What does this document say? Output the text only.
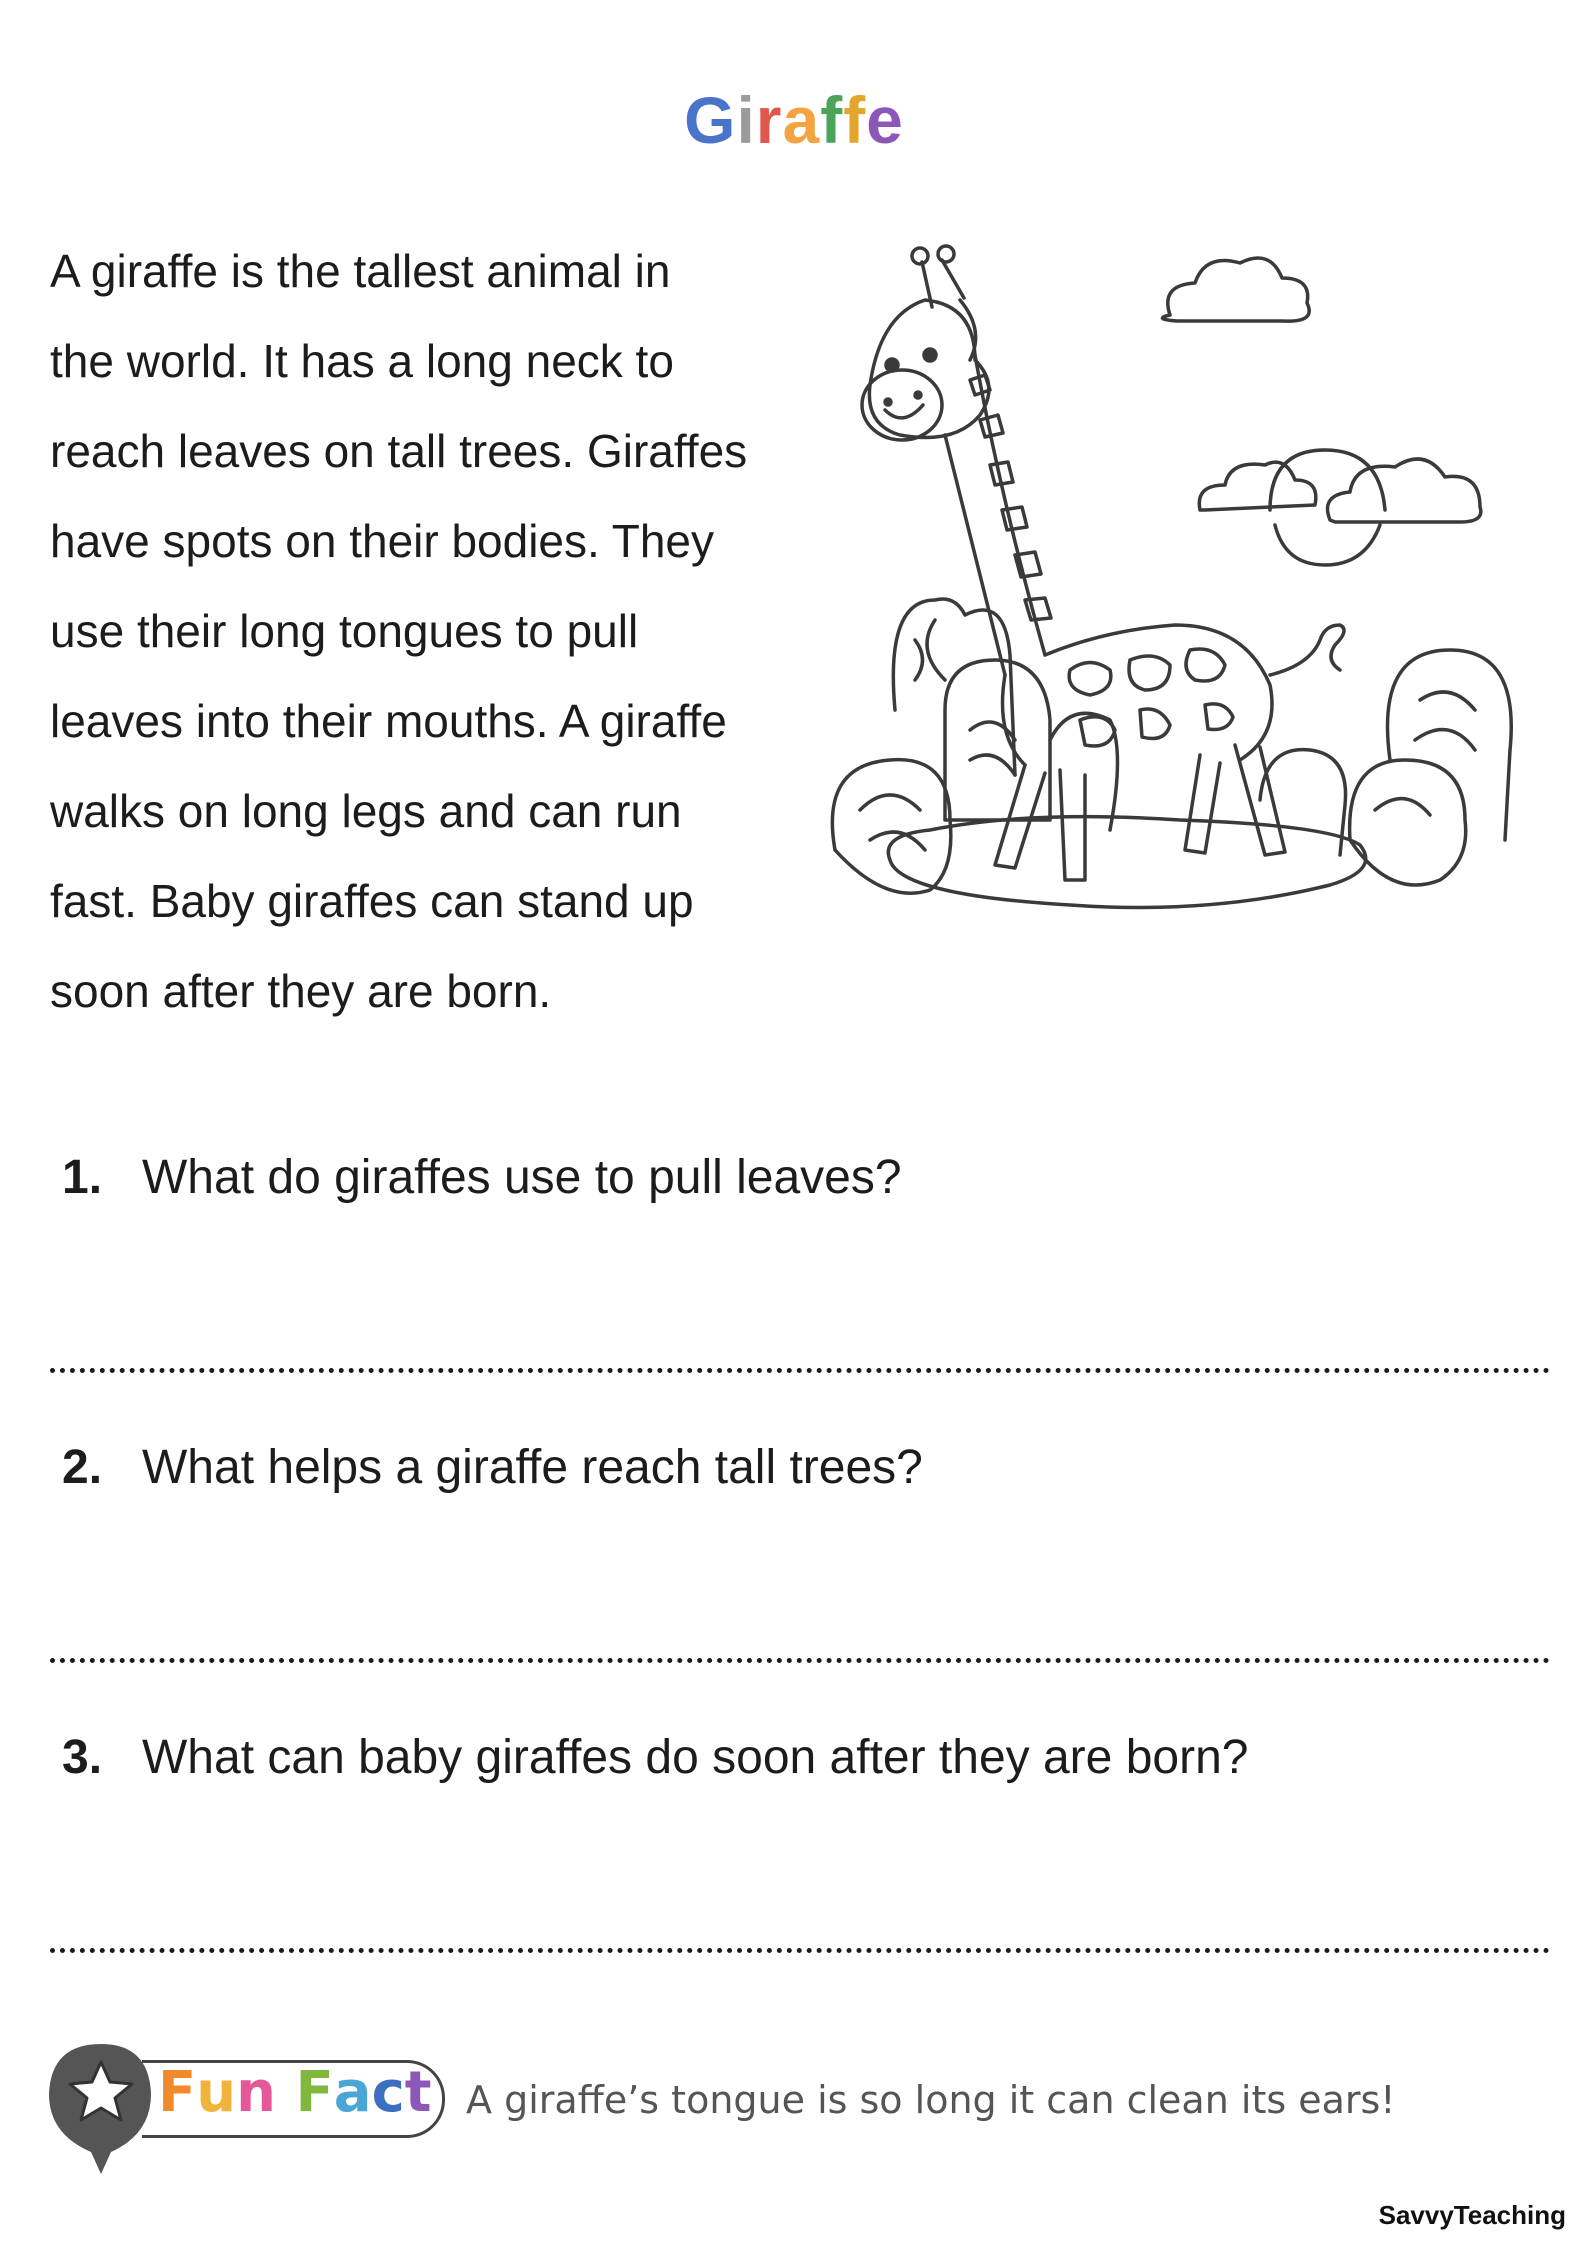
Giraffe
A giraffe is the tallest animal in
the world. It has a long neck to
reach leaves on tall trees. Giraffes
have spots on their bodies. They
use their long tongues to pull
leaves into their mouths. A giraffe
walks on long legs and can run
fast. Baby giraffes can stand up
soon after they are born.
1. What do giraffes use to pull leaves?
2. What helps a giraffe reach tall trees?
3. What can baby giraffes do soon after they are born?
Fun Fact A giraffe’s tongue is so long it can clean its ears!
SavvyTeaching
